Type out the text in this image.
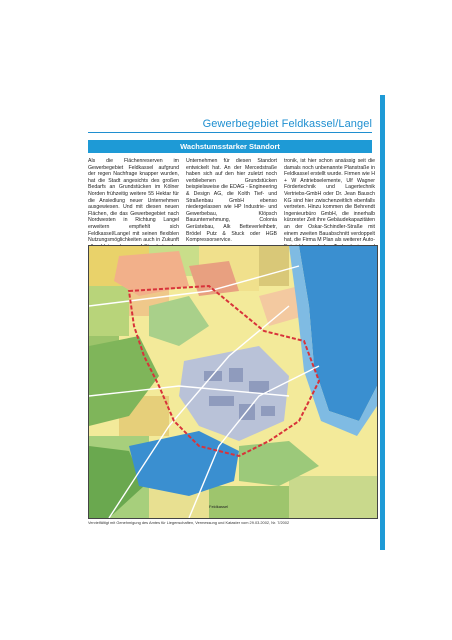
Gewerbegebiet Feldkassel/Langel
Wachstumsstarker Standort

Als die Flächenreserven im Gewerbegebiet Feldkassel aufgrund der regen Nachfrage knapper wurden, hat die Stadt angesichts des großen Bedarfs an Grundstücken im Kölner Norden frühzeitig weitere 55 Hektar für die Ansiedlung neuer Unternehmen ausgewiesen. Und mit diesen neuen Flächen, die das Gewerbegebiet nach Nordwesten in Richtung Langel erweitern empfiehlt sich Feldkassel/Langel mit seinen flexiblen Nutzungsmöglichkeiten auch in Zukunft

Unternehmen für diesen Standort entwickelt hat. An der Mercedstraße haben sich auf den hier zuletzt noch verbliebenen Grundstücken beispielsweise die EDAG - Engineering & Design AG, die Kolth Tief- und Straßenbau GmbH ebenso niedergelassen wie HP Industrie- und Gewerbebau, Klöpsch Bauunternehmung, Colonia Gerüstebau, Alk Betteverleihbetr, Brödel Putz & Stuck oder HGB Kompressorservice.

tronik, ist hier schon ansässig seit die damals noch unbenannte Planstraße in Feldkassel erstellt wurde. Firmen wie H + W Antriebselemente, Ulf Wagner Fördertechnik und Lagertechnik Vertriebs-GmbH oder Dr. Jean Bausch KG sind hier zwischenzeitlich ebenfalls vertreten. Hinzu kommen die Behrendt Ingenieurbüro GmbH, die innerhalb kürzester Zeit ihre Gebäudekapazitäten an der Oskar-Schindler-Straße mit einem zweiten Bauabschnitt verdoppelt hat, die Firma M Plan als weiterer Auto-

Feldkassel
Vervielfältigt mit Genehmigung des Amtes für Liegenschaften, Vermessung und Kataster vom 29.03.2002, Nr. 7/2002
